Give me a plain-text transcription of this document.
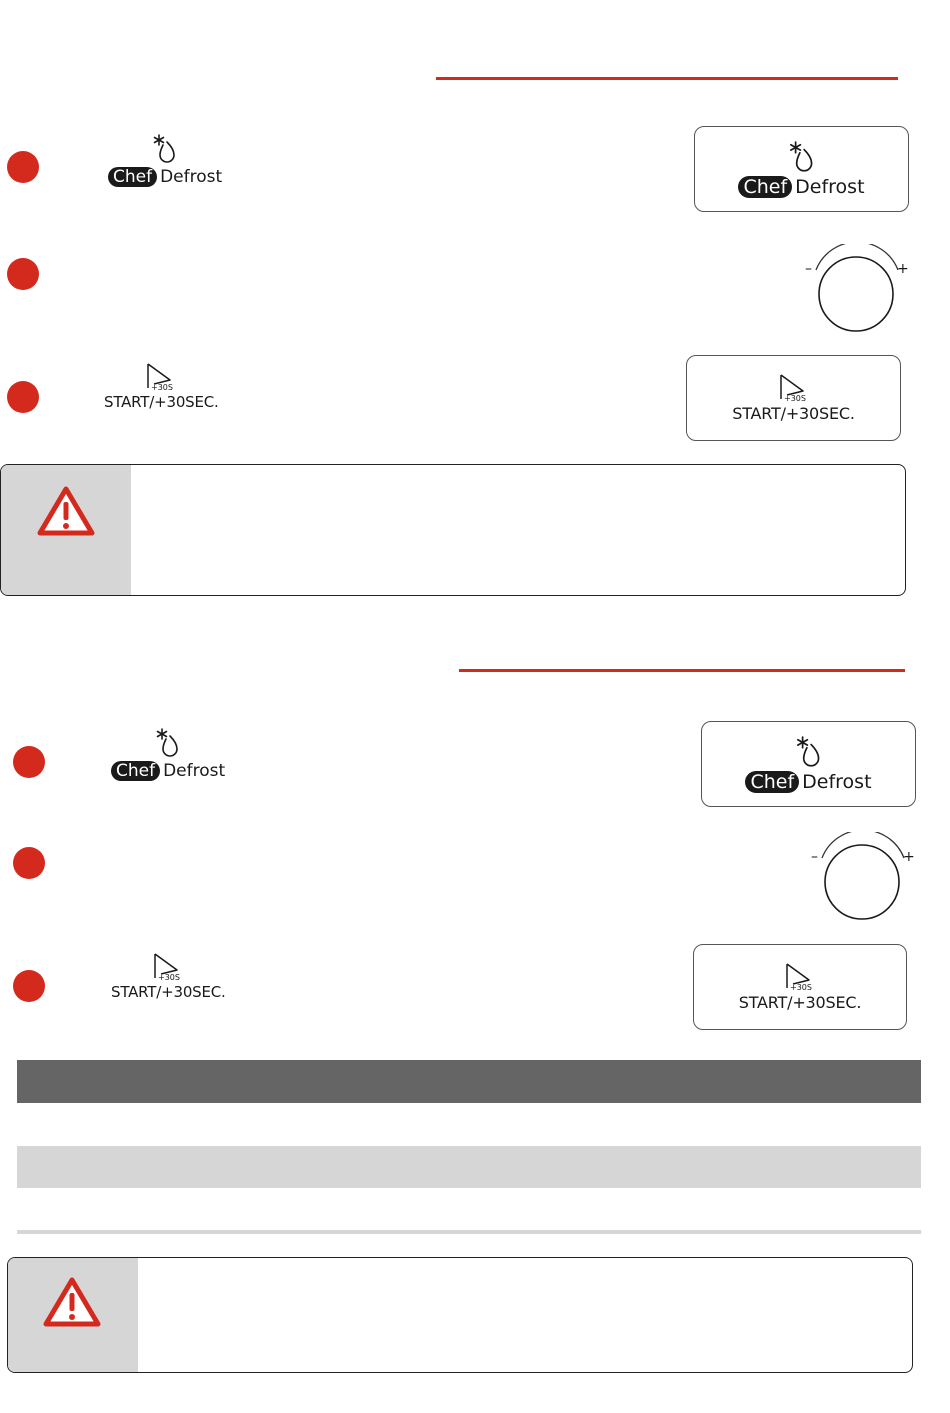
Chef Defrost	Chef Defrost
–	+
+30S
START/+30SEC.	+30S
START/+30SEC.
Chef Defrost	Chef Defrost
–	+
+30S
START/+30SEC.	+30S
START/+30SEC.
